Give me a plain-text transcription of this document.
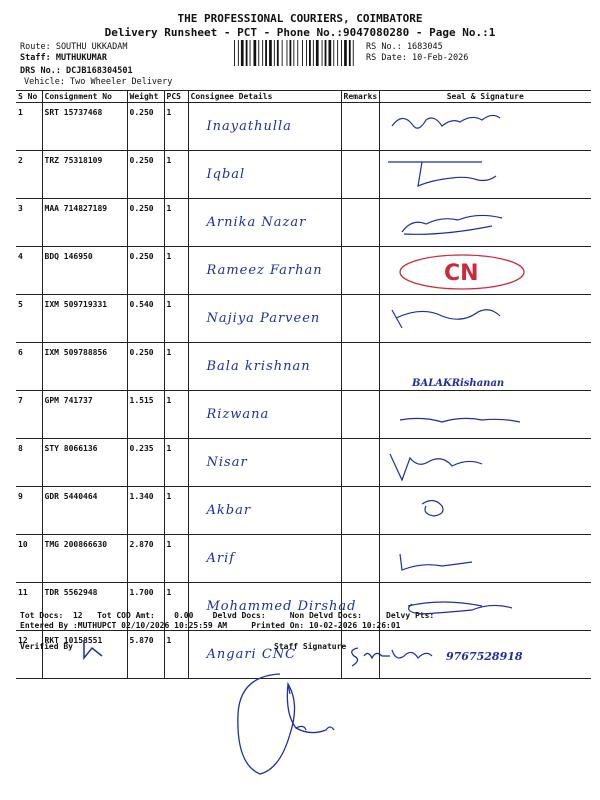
THE PROFESSIONAL COURIERS, COIMBATORE
Delivery Runsheet - PCT - Phone No.:9047080280 - Page No.:1
Route: SOUTHU UKKADAM
Staff: MUTHUKUMAR
DRS No.: DCJB168304501
Vehicle: Two Wheeler Delivery
RS No.: 1683045
RS Date: 10-Feb-2026
S No	Consignment No	Weight	PCS	Consignee Details	Remarks	Seal & Signature
1	SRT 15737468	0.250	1	Inayathulla

2	TRZ 75318109	0.250	1	Iqbal

3	MAA 714827189	0.250	1	Arnika Nazar

4	BDQ 146950	0.250	1	Rameez Farhan		CN

5	IXM 509719331	0.540	1	Najiya Parveen

6	IXM 509788856	0.250	1	Bala krishnan		BALAKRishanan

7	GPM 741737	1.515	1	Rizwana

8	STY 8066136	0.235	1	Nisar

9	GDR 5440464	1.340	1	Akbar

10	TMG 200866630	2.870	1	Arif

11	TDR 5562948	1.700	1	Mohammed Dirshad

12	RKT 10158551	5.870	1	Angari CNC		9767528918
Tot Docs:  12   Tot COD Amt:    0.00    Delvd Docs:     Non Delvd Docs:     Delvy Pts:
Entered By :MUTHUPCT 02/10/2026 10:25:59 AM     Printed On: 10-02-2026 10:26:01
Verified By	Staff Signature
